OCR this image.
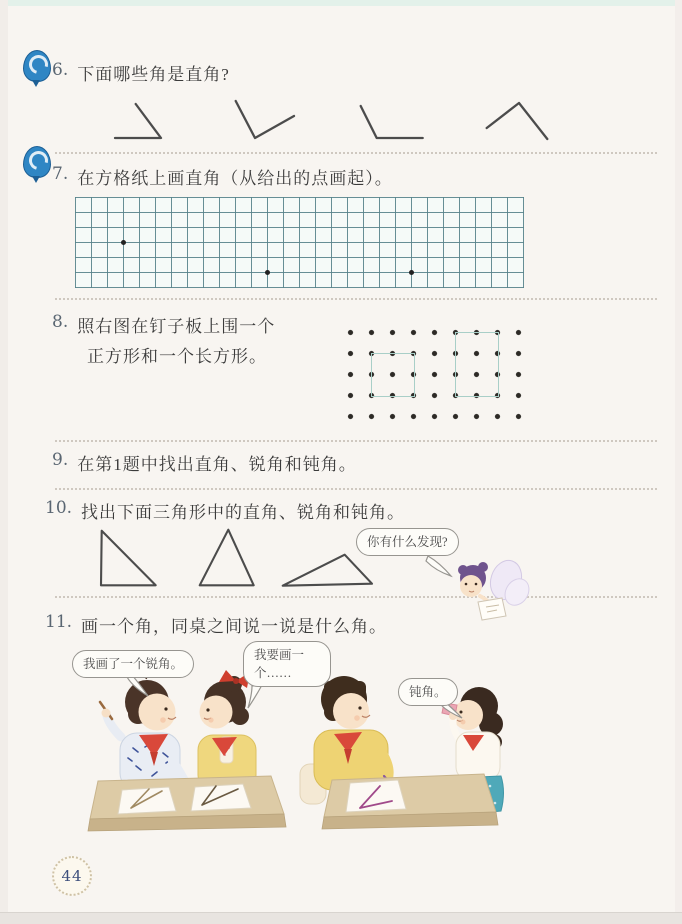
6. 下面哪些角是直角?
7. 在方格纸上画直角（从给出的点画起）。
8. 照右图在钉子板上围一个
正方形和一个长方形。
9. 在第1题中找出直角、锐角和钝角。
10. 找出下面三角形中的直角、锐角和钝角。
你有什么发现?
11. 画一个角，同桌之间说一说是什么角。
我画了一个锐角。
我要画一
个……
钝角。
44
